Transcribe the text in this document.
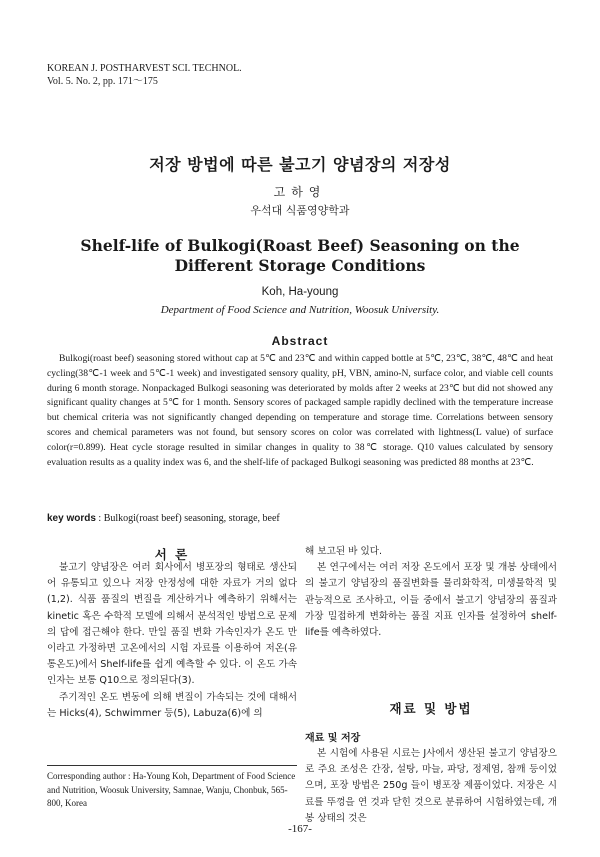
KOREAN J. POSTHARVEST SCI. TECHNOL.
Vol. 5. No. 2, pp. 171～175
저장 방법에 따른 불고기 양념장의 저장성
고하영
우석대 식품영양학과
Shelf-life of Bulkogi(Roast Beef) Seasoning on the Different Storage Conditions
Koh, Ha-young
Department of Food Science and Nutrition, Woosuk University.
Abstract
Bulkogi(roast beef) seasoning stored without cap at 5℃ and 23℃ and within capped bottle at 5℃, 23℃, 38℃, 48℃ and heat cycling(38℃-1 week and 5℃-1 week) and investigated sensory quality, pH, VBN, amino-N, surface color, and viable cell counts during 6 month storage. Nonpackaged Bulkogi seasoning was deteriorated by molds after 2 weeks at 23℃ but did not showed any significant quality changes at 5℃ for 1 month. Sensory scores of packaged sample rapidly declined with the temperature increase but chemical criteria was not significantly changed depending on temperature and storage time. Correlations between sensory scores and chemical parameters was not found, but sensory scores on color was correlated with lightness(L value) of surface color(r=0.899). Heat cycle storage resulted in similar changes in quality to 38℃ storage. Q10 values calculated by sensory evaluation results as a quality index was 6, and the shelf-life of packaged Bulkogi seasoning was predicted 88 months at 23℃.
key words : Bulkogi(roast beef) seasoning, storage, beef
서 론

불고기 양념장은 여러 회사에서 병포장의 형태로 생산되어 유통되고 있으나 저장 안정성에 대한 자료가 거의 없다(1,2). 식품 품질의 변질을 계산하거나 예측하기 위해서는 kinetic 혹은 수학적 모델에 의해서 분석적인 방법으로 문제의 답에 접근해야 한다. 만일 품질 변화 가속인자가 온도 만이라고 가정하면 고온에서의 시험 자료를 이용하여 저온(유통온도)에서 Shelf-life를 쉽게 예측할 수 있다. 이 온도 가속인자는 보통 Q10으로 정의된다(3).

주기적인 온도 변동에 의해 변질이 가속되는 것에 대해서는 Hicks(4), Schwimmer 등(5), Labuza(6)에 의

해 보고된 바 있다.

본 연구에서는 여러 저장 온도에서 포장 및 개봉 상태에서의 불고기 양념장의 품질변화를 물리화학적, 미생물학적 및 관능적으로 조사하고, 이들 중에서 불고기 양념장의 품질과 가장 밀접하게 변화하는 품질 지표 인자를 설정하여 shelf-life를 예측하였다.

재료 및 방법
재료 및 저장

본 시험에 사용된 시료는 J사에서 생산된 불고기 양념장으로 주요 조성은 간장, 설탕, 마늘, 파당, 정제염, 참깨 등이었으며, 포장 방법은 250g 들이 병포장 제품이었다. 저장은 시료를 뚜껑을 연 것과 닫힌 것으로 분류하여 시험하였는데, 개봉 상태의 것은

Corresponding author : Ha-Young Koh, Department of Food Science and Nutrition, Woosuk University, Samnae, Wanju, Chonbuk, 565-800, Korea
-167-
